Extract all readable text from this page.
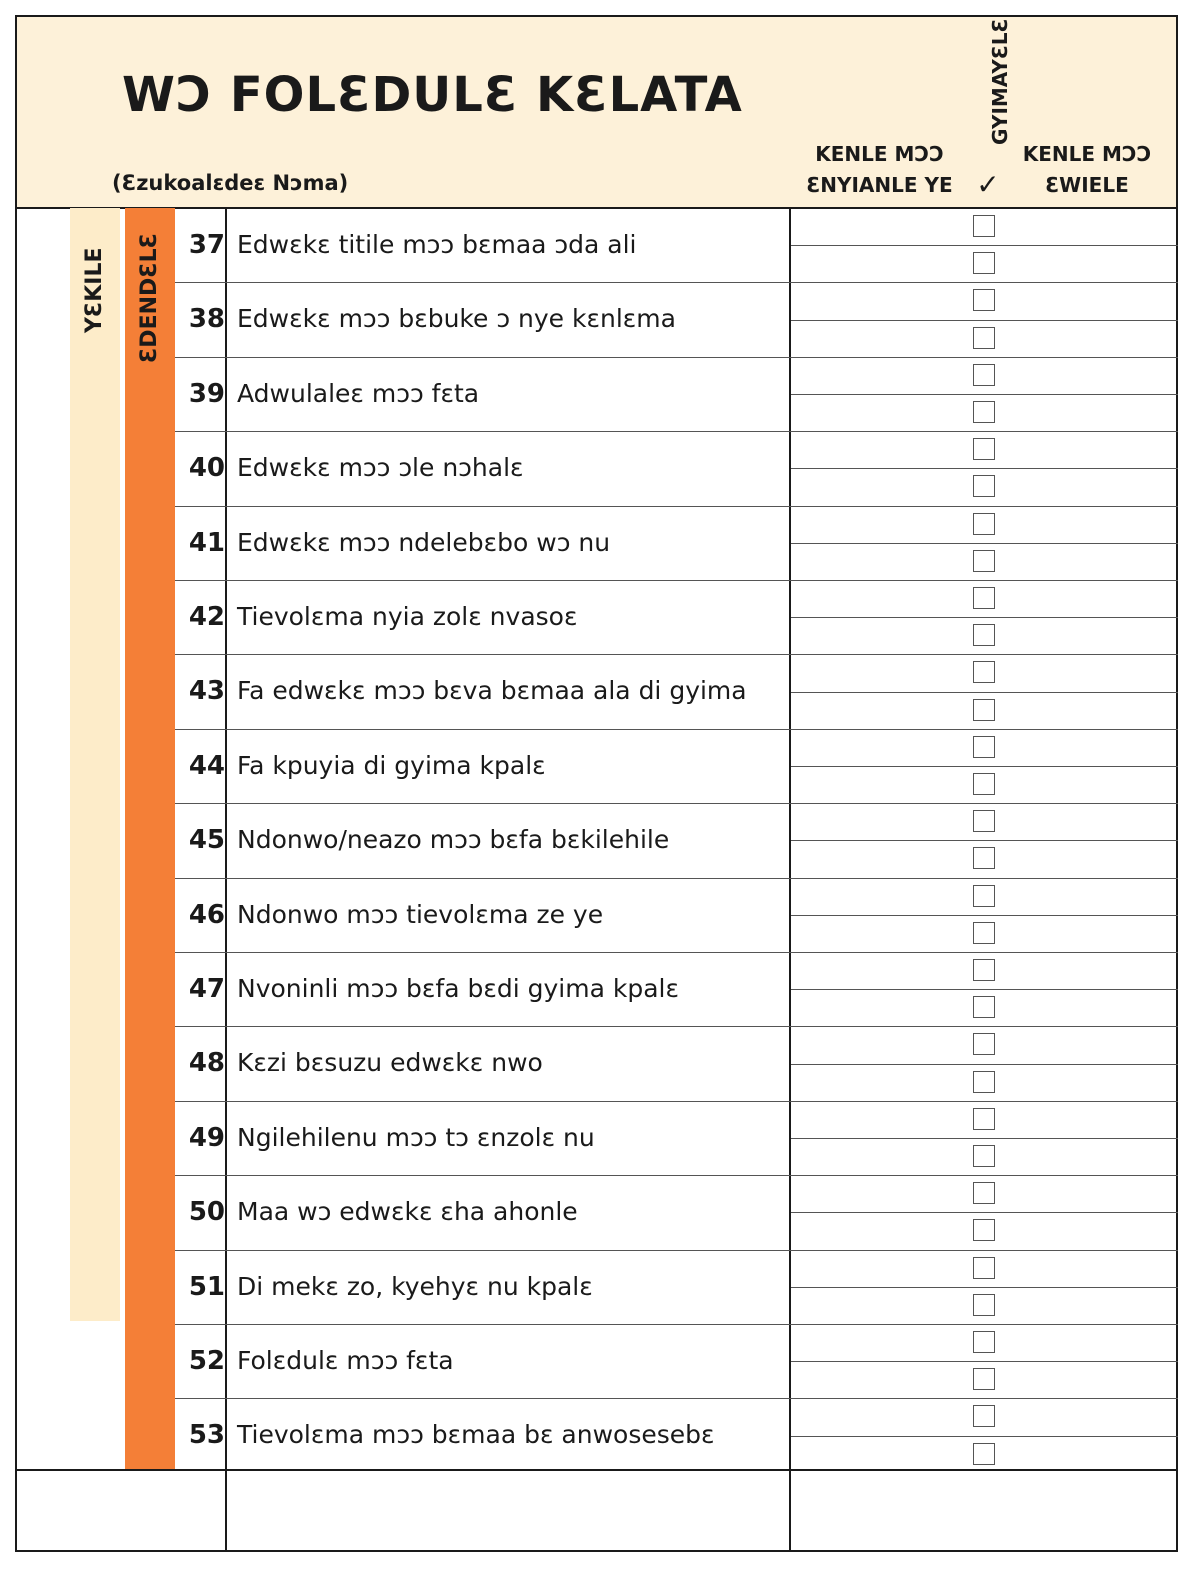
WƆ FOLƐDULƐ KƐLATA
(Ɛzukoalɛdeɛ Nɔma)
KENLE MƆƆ
ƐNYIANLE YE
GYIMAYƐLƐ
✓
KENLE MƆƆ
ƐWIELE
YƐKILE	ƐDENDƐLƐ	37 Edwɛkɛ titile mɔɔ bɛmaa ɔda ali
38 Edwɛkɛ mɔɔ bɛbuke ɔ nye kɛnlɛma
39 Adwulaleɛ mɔɔ fɛta
40 Edwɛkɛ mɔɔ ɔle nɔhalɛ
41 Edwɛkɛ mɔɔ ndelebɛbo wɔ nu
42 Tievolɛma nyia zolɛ nvasoɛ
43 Fa edwɛkɛ mɔɔ bɛva bɛmaa ala di gyima
44 Fa kpuyia di gyima kpalɛ
45 Ndonwo/neazo mɔɔ bɛfa bɛkilehile
46 Ndonwo mɔɔ tievolɛma ze ye
47 Nvoninli mɔɔ bɛfa bɛdi gyima kpalɛ
48 Kɛzi bɛsuzu edwɛkɛ nwo
49 Ngilehilenu mɔɔ tɔ ɛnzolɛ nu
50 Maa wɔ edwɛkɛ ɛha ahonle
51 Di mekɛ zo, kyehyɛ nu kpalɛ
52 Folɛdulɛ mɔɔ fɛta
53 Tievolɛma mɔɔ bɛmaa bɛ anwosesebɛ
